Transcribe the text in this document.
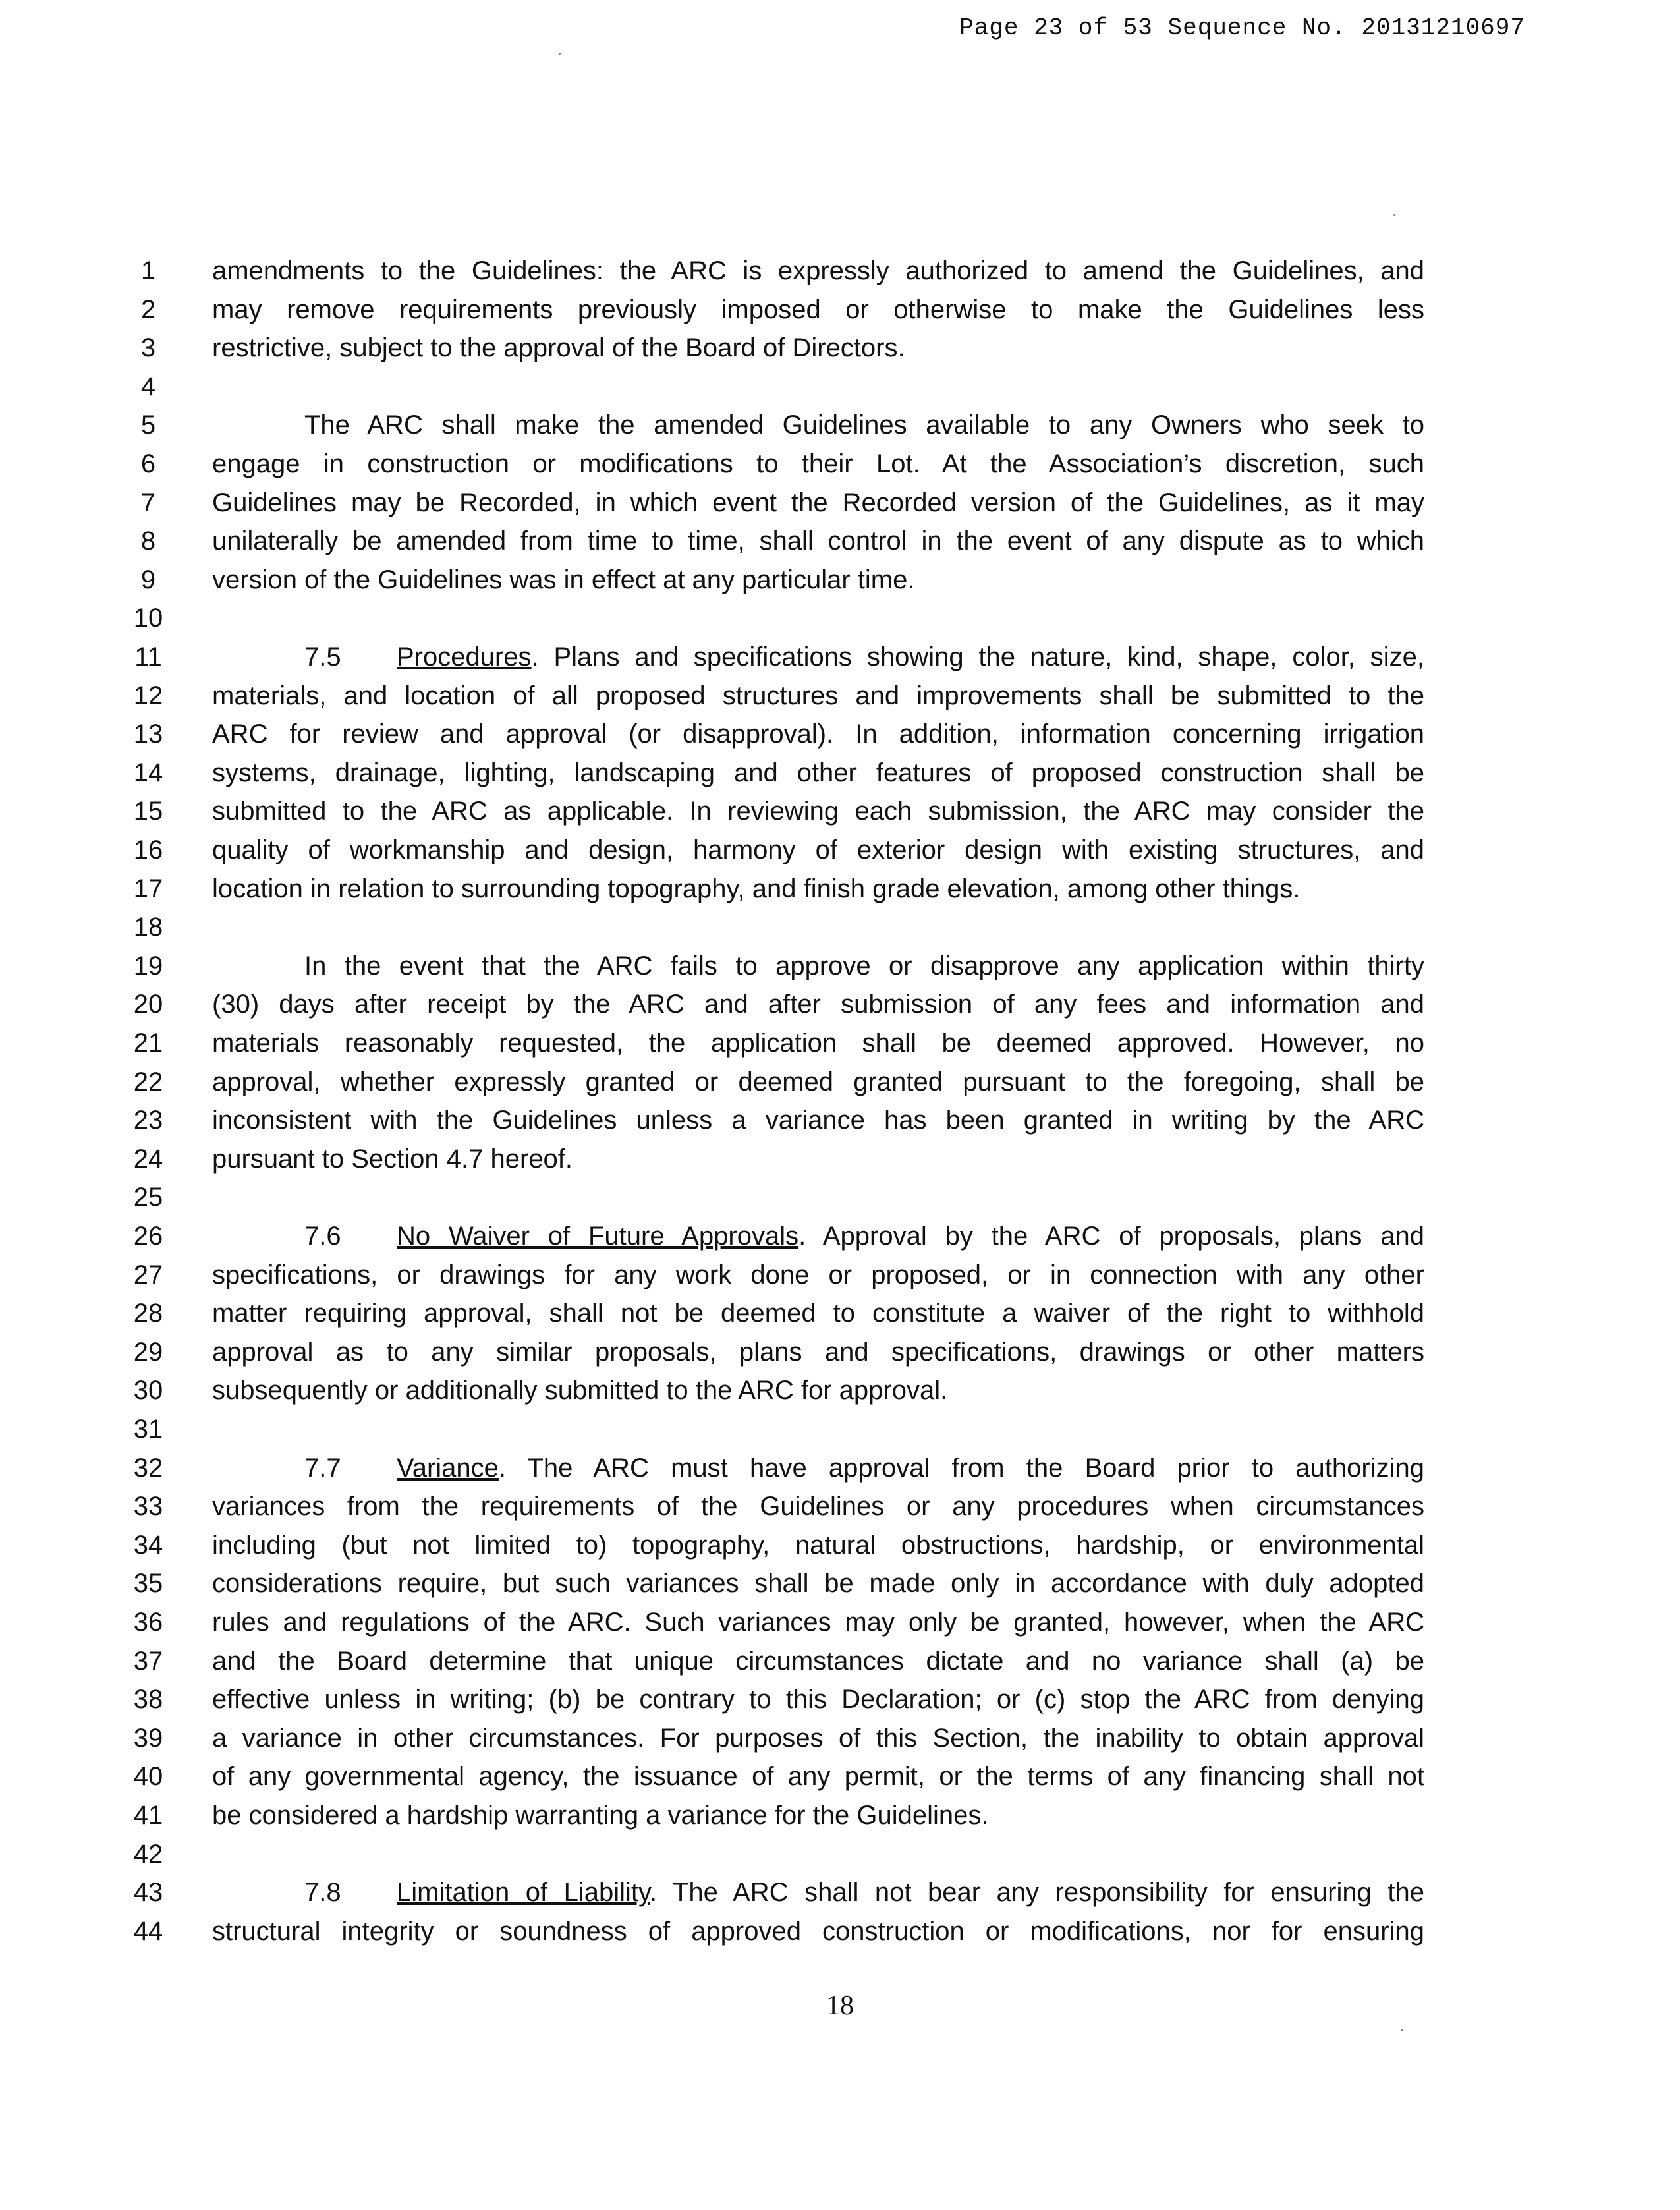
Page 23 of 53 Sequence No. 20131210697
1	amendments to the Guidelines: the ARC is expressly authorized to amend the Guidelines, and
2	may remove requirements previously imposed or otherwise to make the Guidelines less
3	restrictive, subject to the approval of the Board of Directors.
4
5	The ARC shall make the amended Guidelines available to any Owners who seek to
6	engage in construction or modifications to their Lot. At the Association’s discretion, such
7	Guidelines may be Recorded, in which event the Recorded version of the Guidelines, as it may
8	unilaterally be amended from time to time, shall control in the event of any dispute as to which
9	version of the Guidelines was in effect at any particular time.
10
11	7.5 Procedures. Plans and specifications showing the nature, kind, shape, color, size,
12	materials, and location of all proposed structures and improvements shall be submitted to the
13	ARC for review and approval (or disapproval). In addition, information concerning irrigation
14	systems, drainage, lighting, landscaping and other features of proposed construction shall be
15	submitted to the ARC as applicable. In reviewing each submission, the ARC may consider the
16	quality of workmanship and design, harmony of exterior design with existing structures, and
17	location in relation to surrounding topography, and finish grade elevation, among other things.
18
19	In the event that the ARC fails to approve or disapprove any application within thirty
20	(30) days after receipt by the ARC and after submission of any fees and information and
21	materials reasonably requested, the application shall be deemed approved. However, no
22	approval, whether expressly granted or deemed granted pursuant to the foregoing, shall be
23	inconsistent with the Guidelines unless a variance has been granted in writing by the ARC
24	pursuant to Section 4.7 hereof.
25
26	7.6 No Waiver of Future Approvals. Approval by the ARC of proposals, plans and
27	specifications, or drawings for any work done or proposed, or in connection with any other
28	matter requiring approval, shall not be deemed to constitute a waiver of the right to withhold
29	approval as to any similar proposals, plans and specifications, drawings or other matters
30	subsequently or additionally submitted to the ARC for approval.
31
32	7.7 Variance. The ARC must have approval from the Board prior to authorizing
33	variances from the requirements of the Guidelines or any procedures when circumstances
34	including (but not limited to) topography, natural obstructions, hardship, or environmental
35	considerations require, but such variances shall be made only in accordance with duly adopted
36	rules and regulations of the ARC. Such variances may only be granted, however, when the ARC
37	and the Board determine that unique circumstances dictate and no variance shall (a) be
38	effective unless in writing; (b) be contrary to this Declaration; or (c) stop the ARC from denying
39	a variance in other circumstances. For purposes of this Section, the inability to obtain approval
40	of any governmental agency, the issuance of any permit, or the terms of any financing shall not
41	be considered a hardship warranting a variance for the Guidelines.
42
43	7.8 Limitation of Liability. The ARC shall not bear any responsibility for ensuring the
44	structural integrity or soundness of approved construction or modifications, nor for ensuring
18
